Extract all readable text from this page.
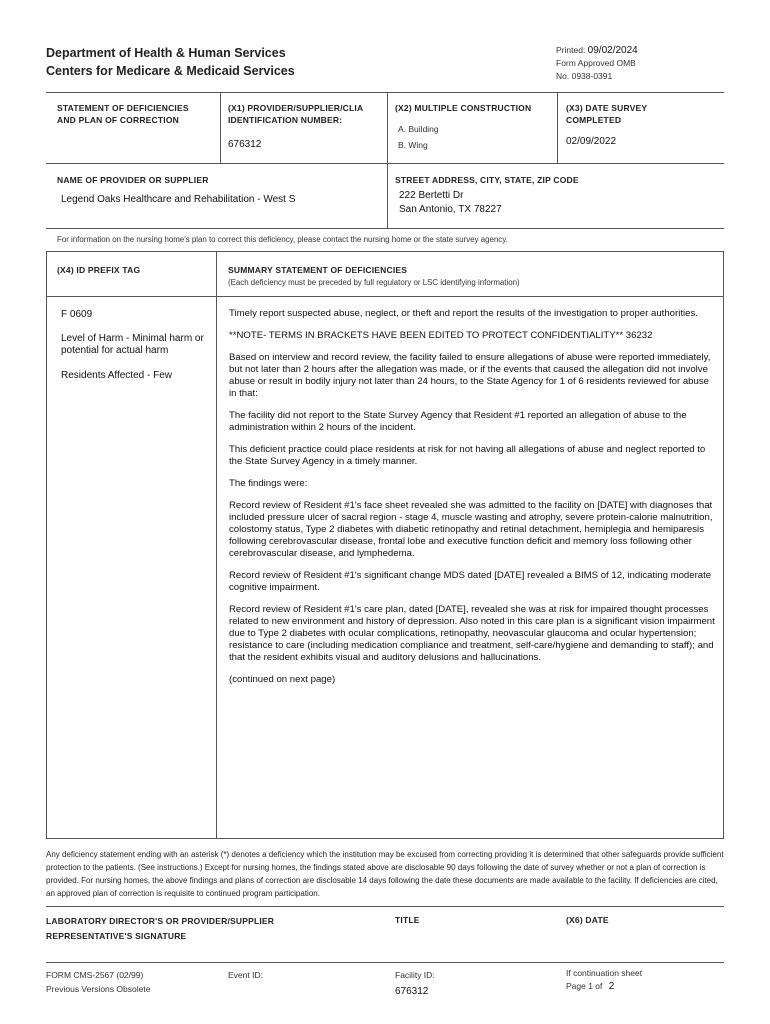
Department of Health & Human Services
Centers for Medicare & Medicaid Services
Printed: 09/02/2024
Form Approved OMB
No. 0938-0391
STATEMENT OF DEFICIENCIES
AND PLAN OF CORRECTION
(X1) PROVIDER/SUPPLIER/CLIA
IDENTIFICATION NUMBER:
676312
(X2) MULTIPLE CONSTRUCTION
A. Building
B. Wing
(X3) DATE SURVEY
COMPLETED
02/09/2022
NAME OF PROVIDER OR SUPPLIER
Legend Oaks Healthcare and Rehabilitation - West S
STREET ADDRESS, CITY, STATE, ZIP CODE
222 Bertetti Dr
San Antonio, TX 78227
For information on the nursing home's plan to correct this deficiency, please contact the nursing home or the state survey agency.
(X4) ID PREFIX TAG	SUMMARY STATEMENT OF DEFICIENCIES
(Each deficiency must be preceded by full regulatory or LSC identifying information)
F 0609
Level of Harm - Minimal harm or potential for actual harm
Residents Affected - Few

Timely report suspected abuse, neglect, or theft and report the results of the investigation to proper authorities.

**NOTE- TERMS IN BRACKETS HAVE BEEN EDITED TO PROTECT CONFIDENTIALITY** 36232

Based on interview and record review, the facility failed to ensure allegations of abuse were reported immediately, but not later than 2 hours after the allegation was made, or if the events that caused the allegation did not involve abuse or result in bodily injury not later than 24 hours, to the State Agency for 1 of 6 residents reviewed for abuse in that:

The facility did not report to the State Survey Agency that Resident #1 reported an allegation of abuse to the administration within 2 hours of the incident.

This deficient practice could place residents at risk for not having all allegations of abuse and neglect reported to the State Survey Agency in a timely manner.

The findings were:

Record review of Resident #1's face sheet revealed she was admitted to the facility on [DATE] with diagnoses that included pressure ulcer of sacral region - stage 4, muscle wasting and atrophy, severe protein-calorie malnutrition, colostomy status, Type 2 diabetes with diabetic retinopathy and retinal detachment, hemiplegia and hemiparesis following cerebrovascular disease, frontal lobe and executive function deficit and memory loss following other cerebrovascular disease, and lymphedema.

Record review of Resident #1's significant change MDS dated [DATE] revealed a BIMS of 12, indicating moderate cognitive impairment.

Record review of Resident #1's care plan, dated [DATE], revealed she was at risk for impaired thought processes related to new environment and history of depression. Also noted in this care plan is a significant vision impairment due to Type 2 diabetes with ocular complications, retinopathy, neovascular glaucoma and ocular hypertension; resistance to care (including medication compliance and treatment, self-care/hygiene and demanding to staff); and that the resident exhibits visual and auditory delusions and hallucinations.

(continued on next page)

Any deficiency statement ending with an asterisk (*) denotes a deficiency which the institution may be excused from correcting providing it is determined that other safeguards provide sufficient protection to the patients. (See instructions.) Except for nursing homes, the findings stated above are disclosable 90 days following the date of survey whether or not a plan of correction is provided. For nursing homes, the above findings and plans of correction are disclosable 14 days following the date these documents are made available to the facility. If deficiencies are cited, an approved plan of correction is requisite to continued program participation.
LABORATORY DIRECTOR'S OR PROVIDER/SUPPLIER
REPRESENTATIVE'S SIGNATURE
TITLE	(X6) DATE
FORM CMS-2567 (02/99)
Previous Versions Obsolete
Event ID:	Facility ID:
676312
If continuation sheet
Page 1 of 2
